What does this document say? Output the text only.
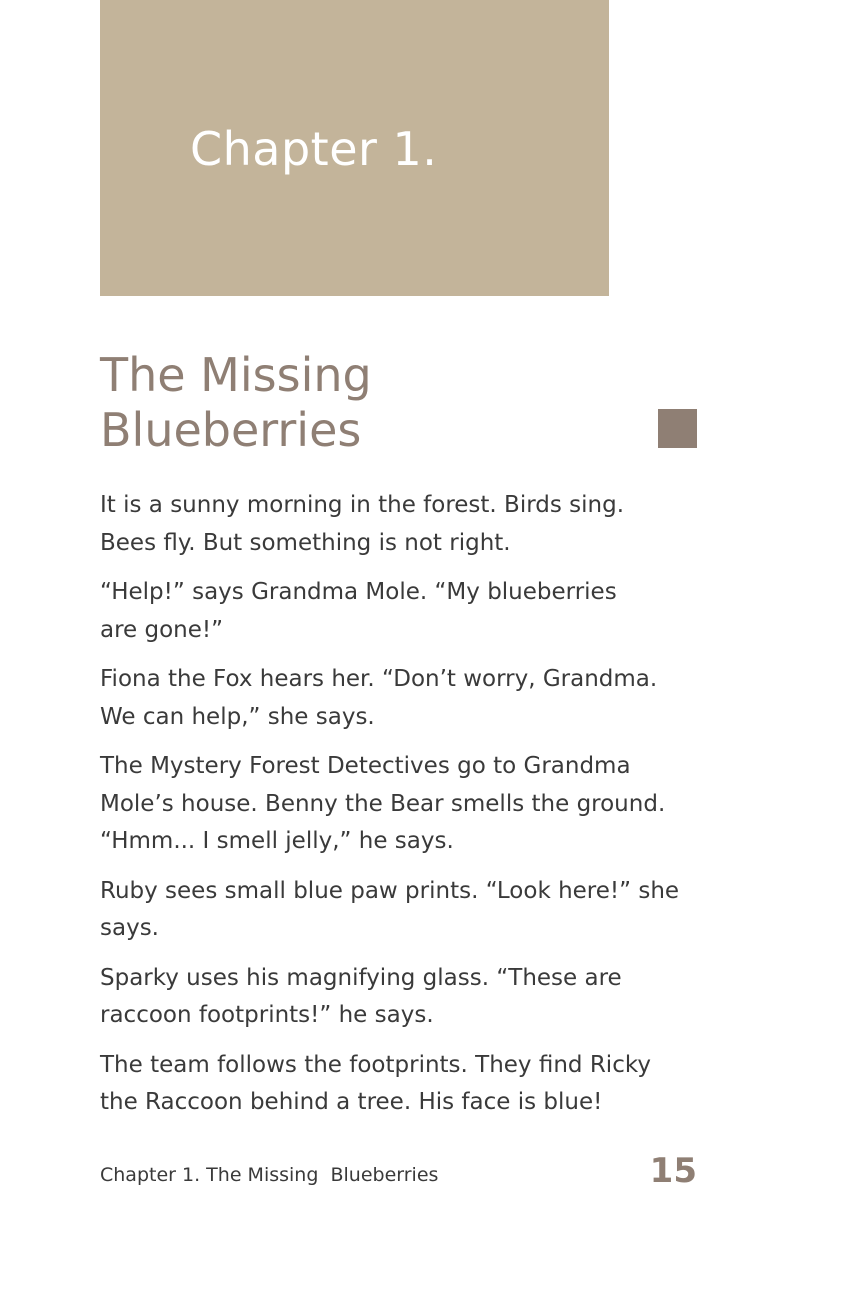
Chapter 1.
The Missing
Blueberries

It is a sunny morning in the forest. Birds sing.
Bees fly. But something is not right.

“Help!” says Grandma Mole. “My blueberries
are gone!”

Fiona the Fox hears her. “Don’t worry, Grandma.
We can help,” she says.

The Mystery Forest Detectives go to Grandma
Mole’s house. Benny the Bear smells the ground.
“Hmm... I smell jelly,” he says.

Ruby sees small blue paw prints. “Look here!” she
says.

Sparky uses his magnifying glass. “These are
raccoon footprints!” he says.

The team follows the footprints. They find Ricky
the Raccoon behind a tree. His face is blue!

Chapter 1. The Missing  Blueberries	15
